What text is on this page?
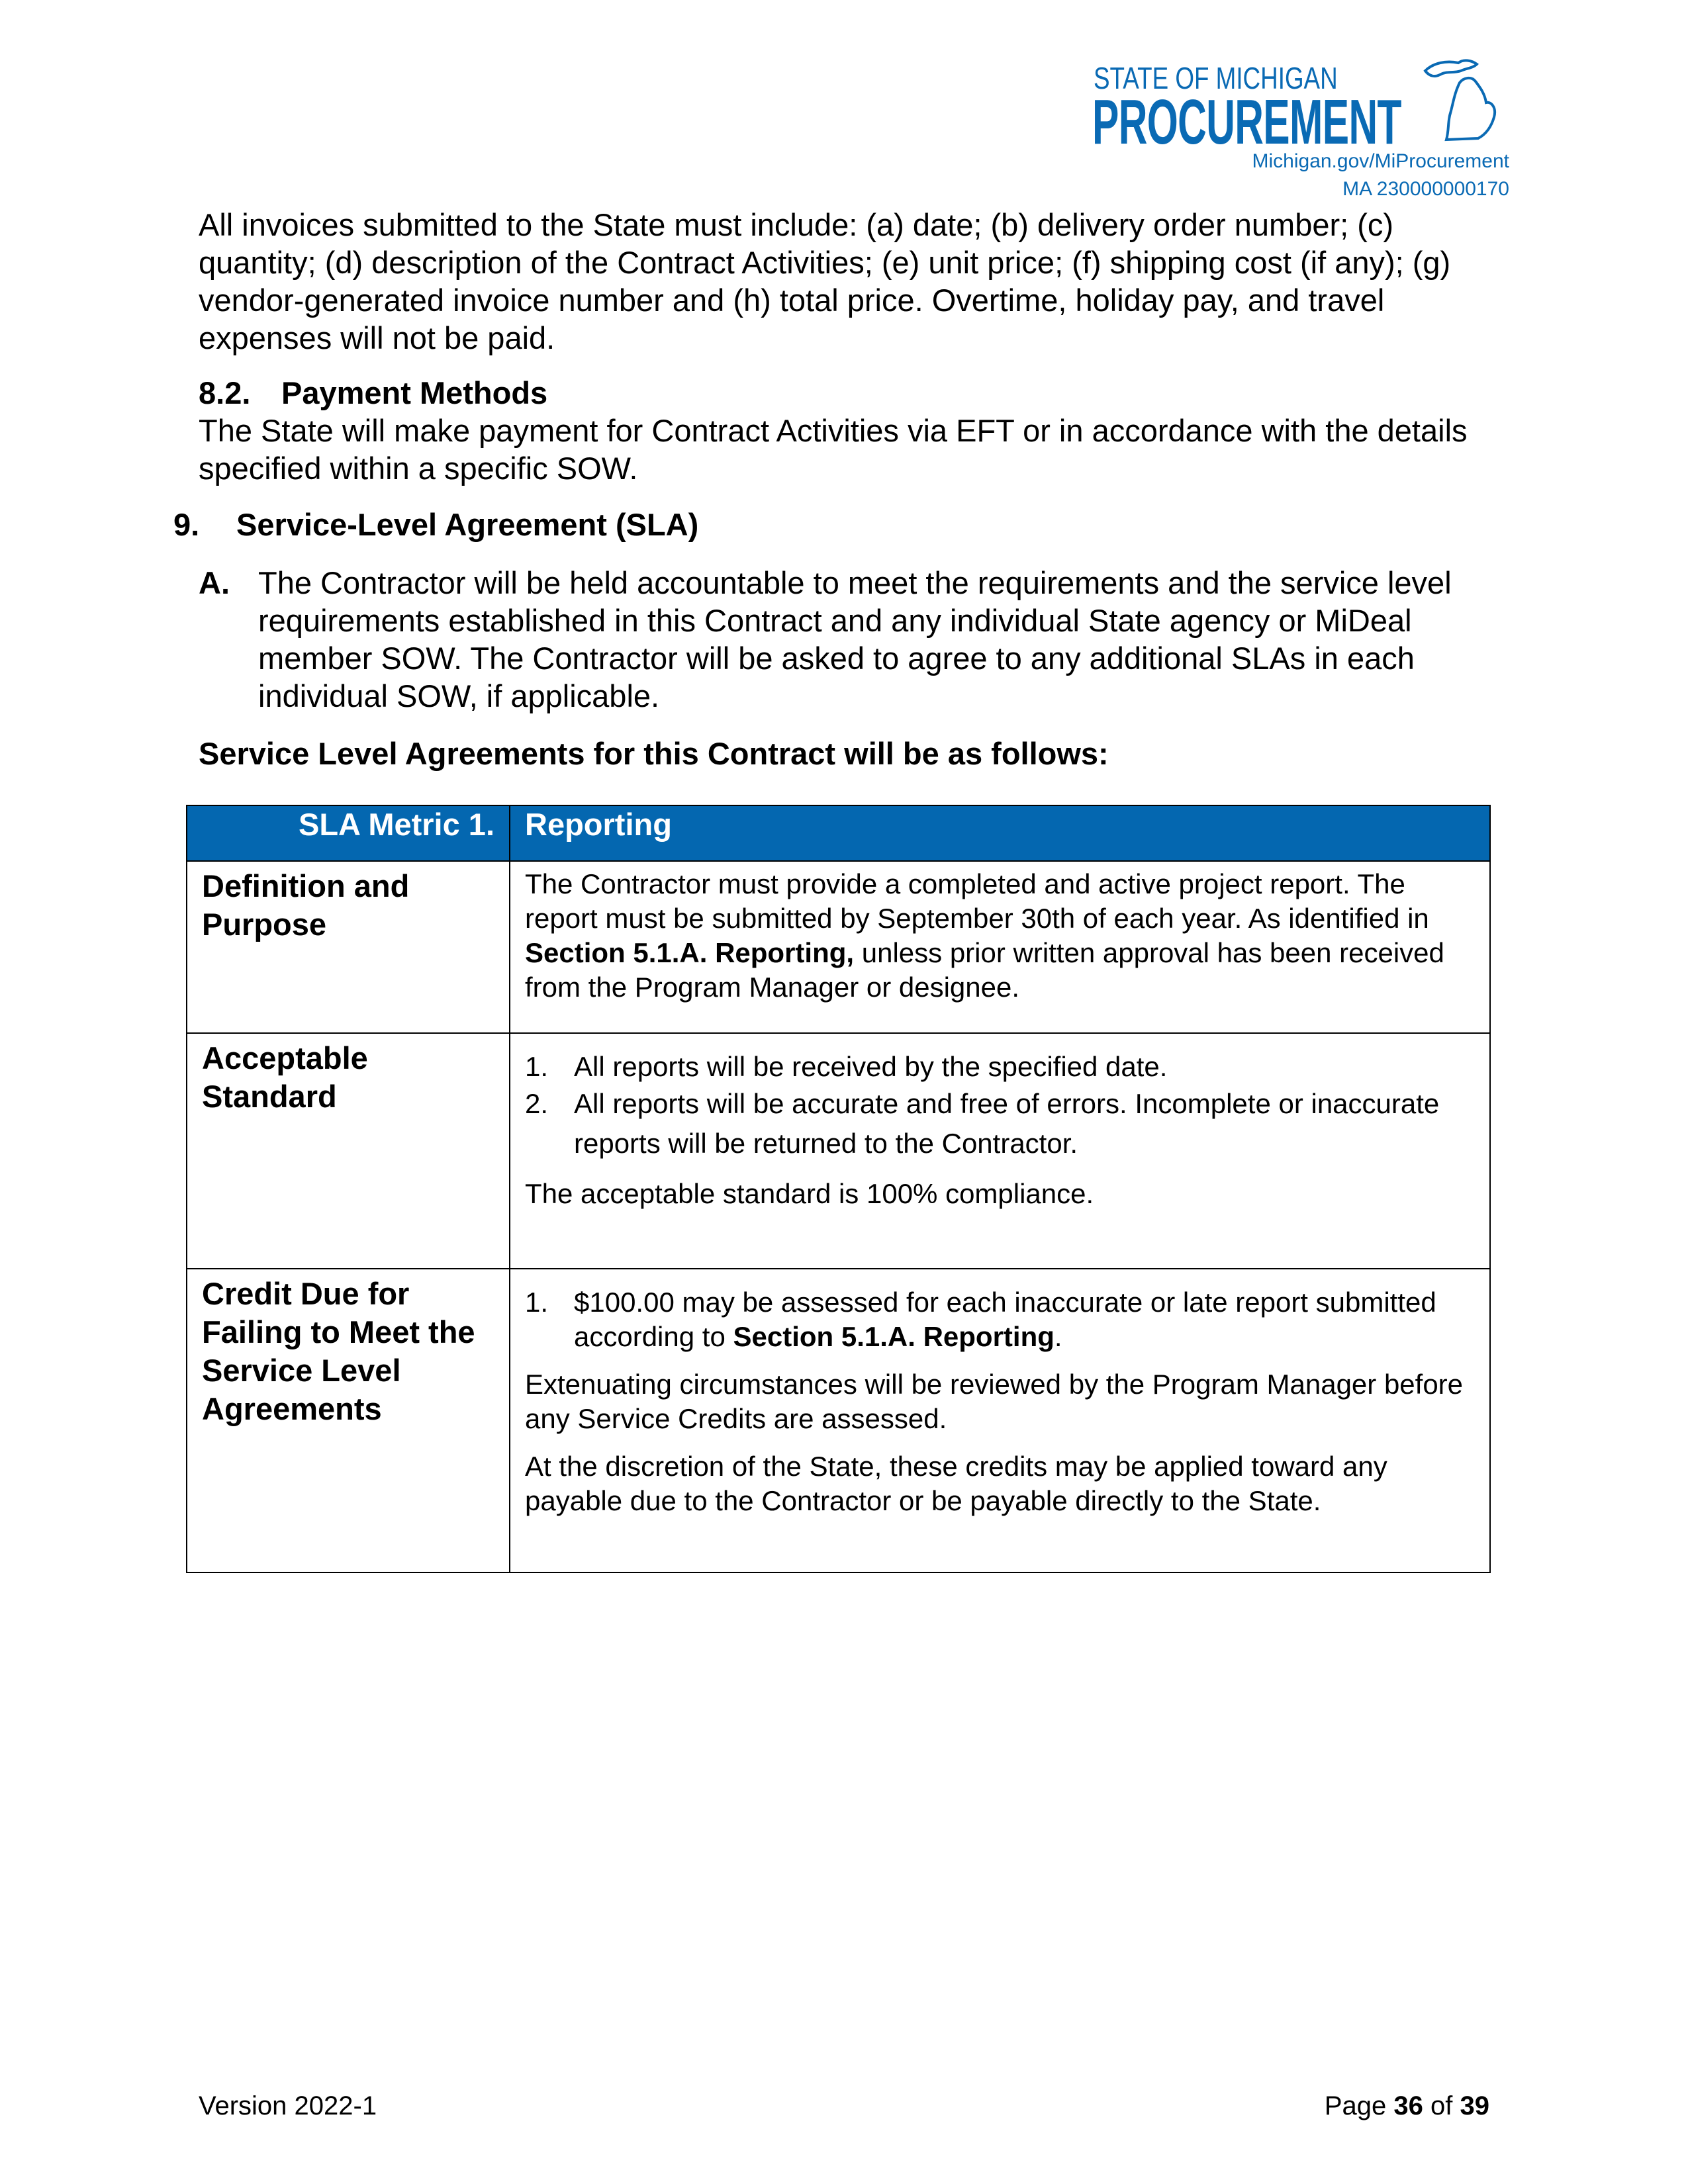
STATE OF MICHIGAN
PROCUREMENT
Michigan.gov/MiProcurement
MA 230000000170
All invoices submitted to the State must include: (a) date; (b) delivery order number; (c) quantity; (d) description of the Contract Activities; (e) unit price; (f) shipping cost (if any); (g) vendor-generated invoice number and (h) total price. Overtime, holiday pay, and travel expenses will not be paid.
8.2. Payment Methods
The State will make payment for Contract Activities via EFT or in accordance with the details specified within a specific SOW.
9. Service-Level Agreement (SLA)
A. The Contractor will be held accountable to meet the requirements and the service level requirements established in this Contract and any individual State agency or MiDeal member SOW. The Contractor will be asked to agree to any additional SLAs in each individual SOW, if applicable.
Service Level Agreements for this Contract will be as follows:
SLA Metric 1.	Reporting
Definition and Purpose	The Contractor must provide a completed and active project report. The report must be submitted by September 30th of each year. As identified in Section 5.1.A. Reporting, unless prior written approval has been received from the Program Manager or designee.

Acceptable Standard	1. All reports will be received by the specified date.

2. All reports will be accurate and free of errors. Incomplete or inaccurate reports will be returned to the Contractor.

The acceptable standard is 100% compliance.

Credit Due for Failing to Meet the Service Level Agreements	1. $100.00 may be assessed for each inaccurate or late report submitted according to Section 5.1.A. Reporting.

Extenuating circumstances will be reviewed by the Program Manager before any Service Credits are assessed.

At the discretion of the State, these credits may be applied toward any payable due to the Contractor or be payable directly to the State.

Version 2022-1	Page 36 of 39
